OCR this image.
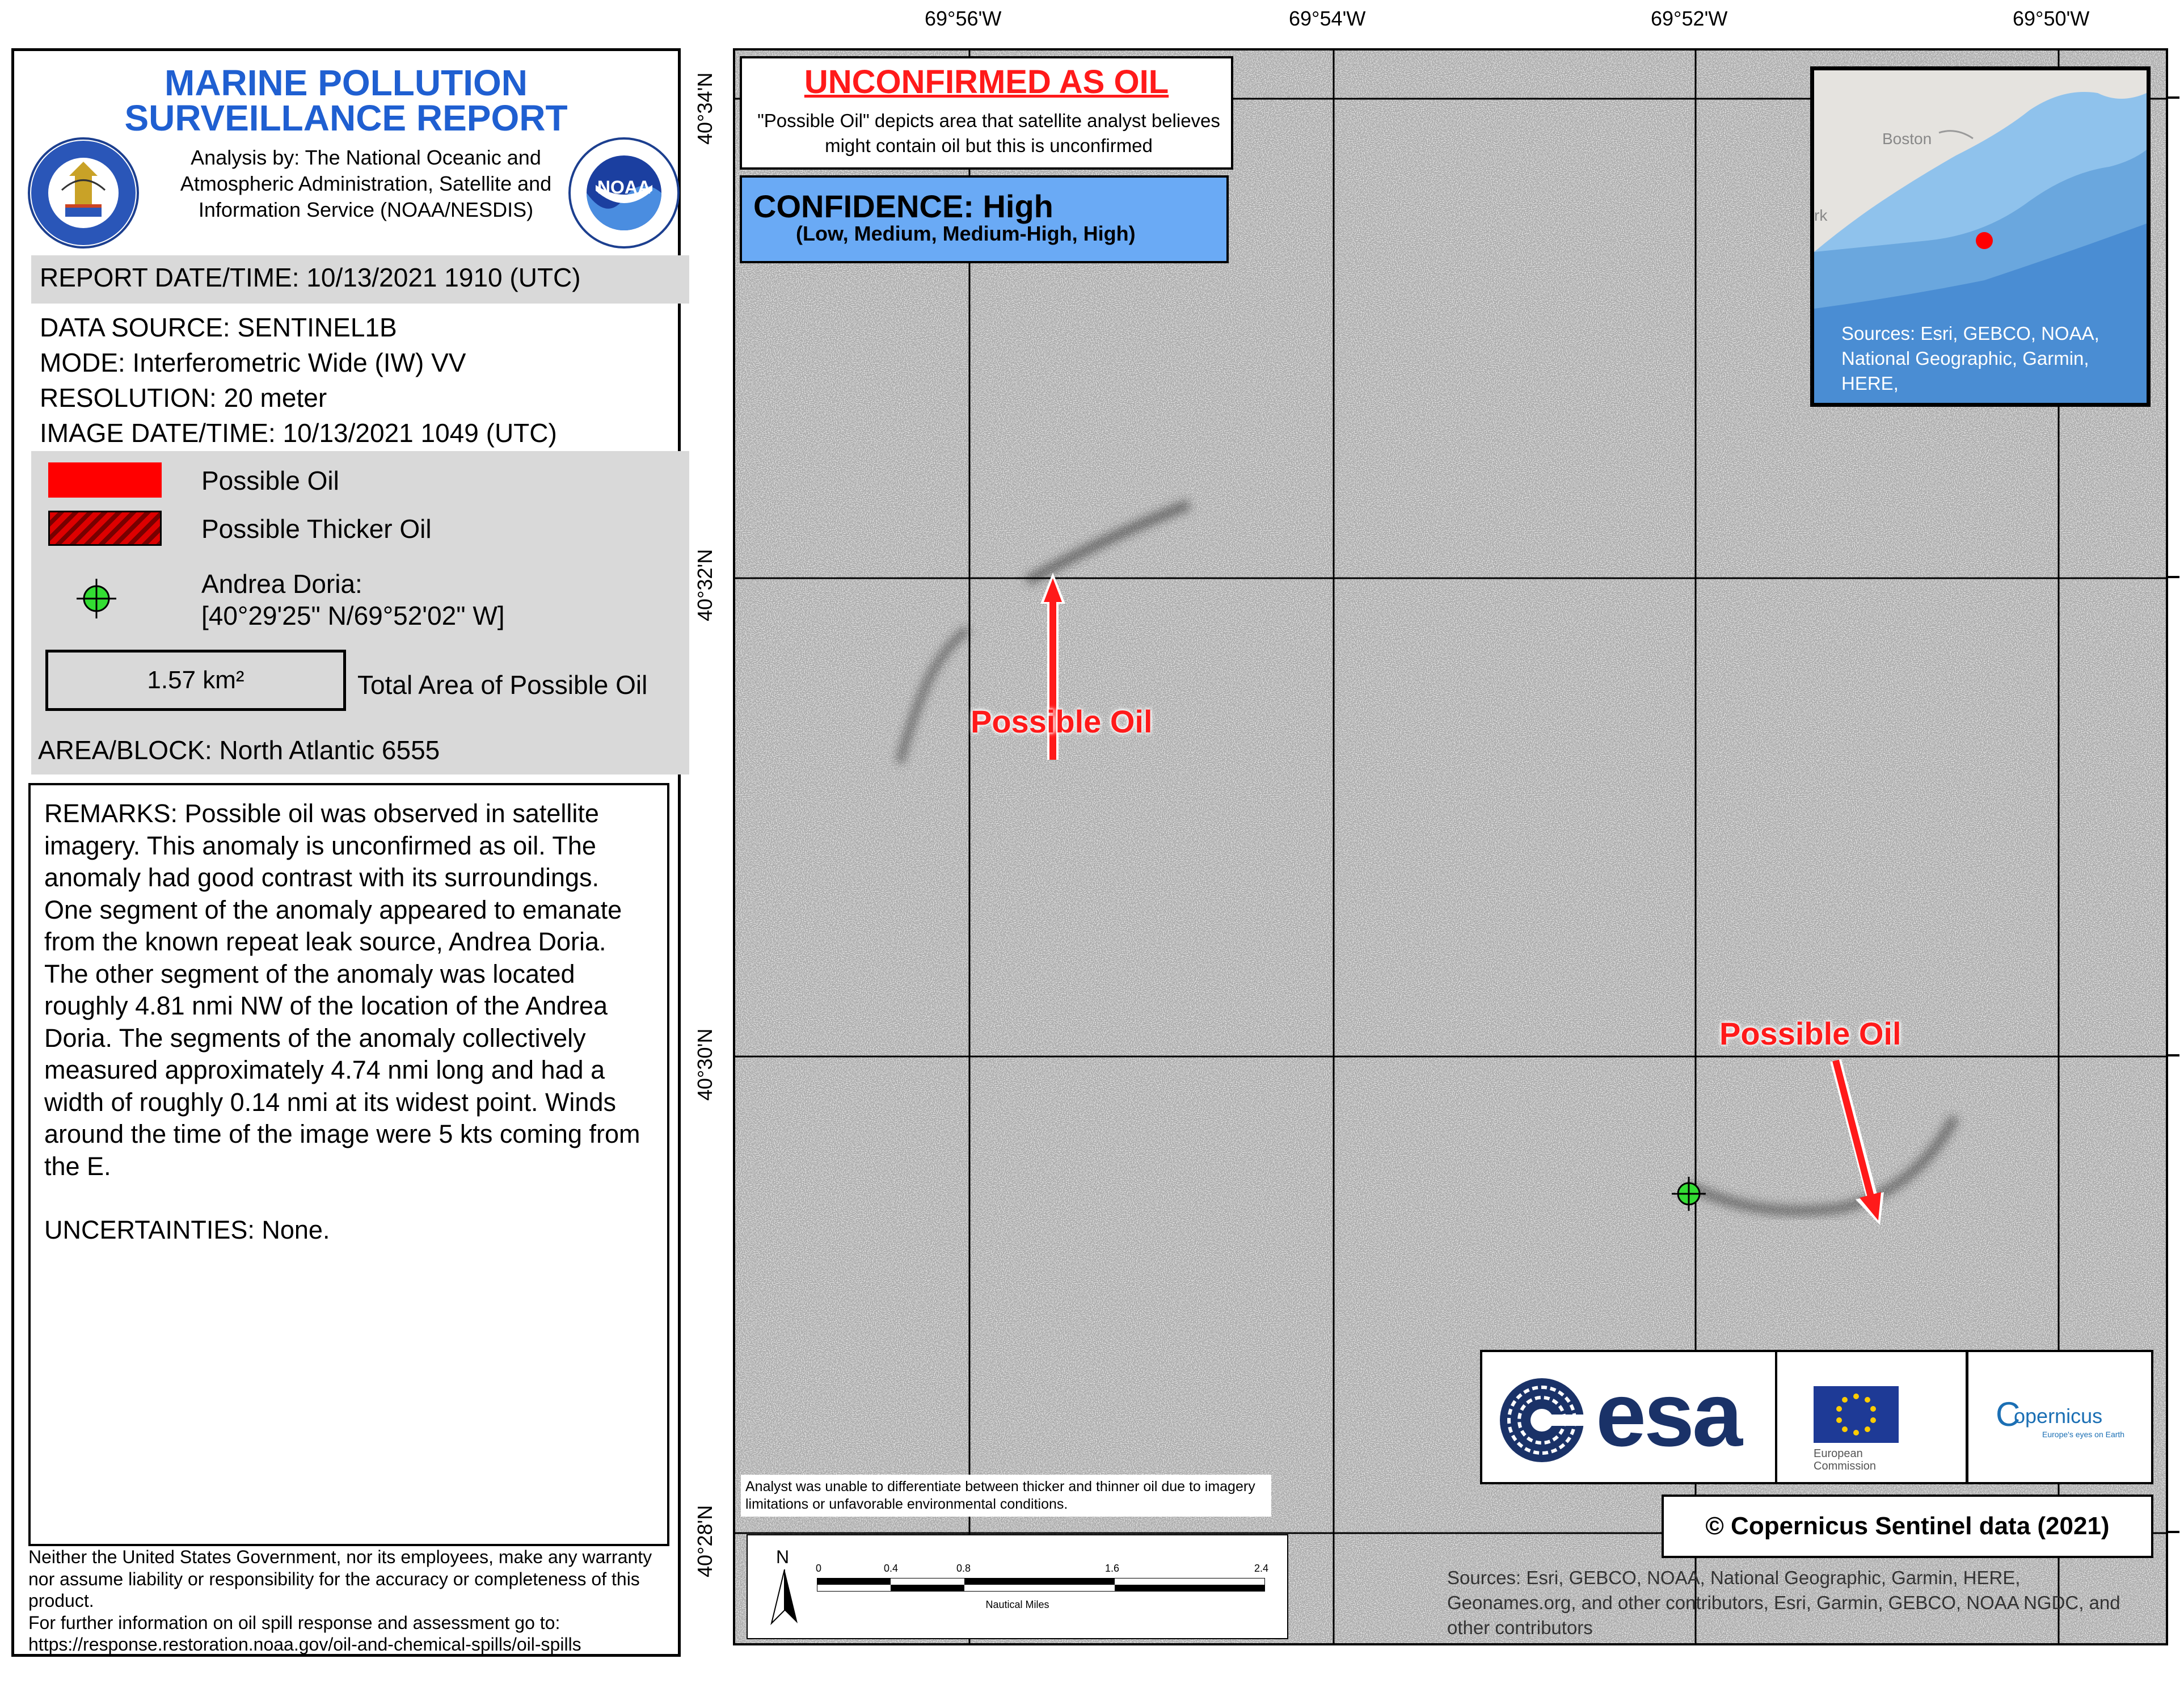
MARINE POLLUTION
SURVEILLANCE REPORT
Analysis by: The National Oceanic and Atmospheric Administration, Satellite and Information Service (NOAA/NESDIS)
NOAA
REPORT DATE/TIME: 10/13/2021 1910 (UTC)
DATA SOURCE: SENTINEL1B
MODE: Interferometric Wide (IW) VV
RESOLUTION: 20 meter
IMAGE DATE/TIME: 10/13/2021 1049 (UTC)
Possible Oil
Possible Thicker Oil
Andrea Doria:
[40°29'25" N/69°52'02" W]
1.57 km²	Total Area of Possible Oil
AREA/BLOCK: North Atlantic 6555
REMARKS: Possible oil was observed in satellite imagery. This anomaly is unconfirmed as oil. The anomaly had good contrast with its surroundings. One segment of the anomaly appeared to emanate from the known repeat leak source, Andrea Doria. The other segment of the anomaly was located roughly 4.81 nmi NW of the location of the Andrea Doria. The segments of the anomaly collectively measured approximately 4.74 nmi long and had a width of roughly 0.14 nmi at its widest point. Winds around the time of the image were 5 kts coming from the E.
UNCERTAINTIES: None.
Neither the United States Government, nor its employees, make any warranty nor assume liability or responsibility for the accuracy or completeness of this product.
For further information on oil spill response and assessment go to:
https://response.restoration.noaa.gov/oil-and-chemical-spills/oil-spills
69°56'W	69°54'W	69°52'W	69°50'W
40°34'N
40°32'N
40°30'N
40°28'N
UNCONFIRMED AS OIL
"Possible Oil" depicts area that satellite analyst believes might contain oil but this is unconfirmed
CONFIDENCE: High
(Low, Medium, Medium-High, High)
Boston
rk
Sources: Esri, GEBCO, NOAA, National Geographic, Garmin, HERE,
Possible Oil
Possible Oil
esa	European
Commission
C
opernicus
Europe's eyes on Earth
Analyst was unable to differentiate between thicker and thinner oil due to imagery limitations or unfavorable environmental conditions.
© Copernicus Sentinel data (2021)
N
0	0.4	0.8	1.6	2.4
Nautical Miles
Sources: Esri, GEBCO, NOAA, National Geographic, Garmin, HERE, Geonames.org, and other contributors, Esri, Garmin, GEBCO, NOAA NGDC, and other contributors
